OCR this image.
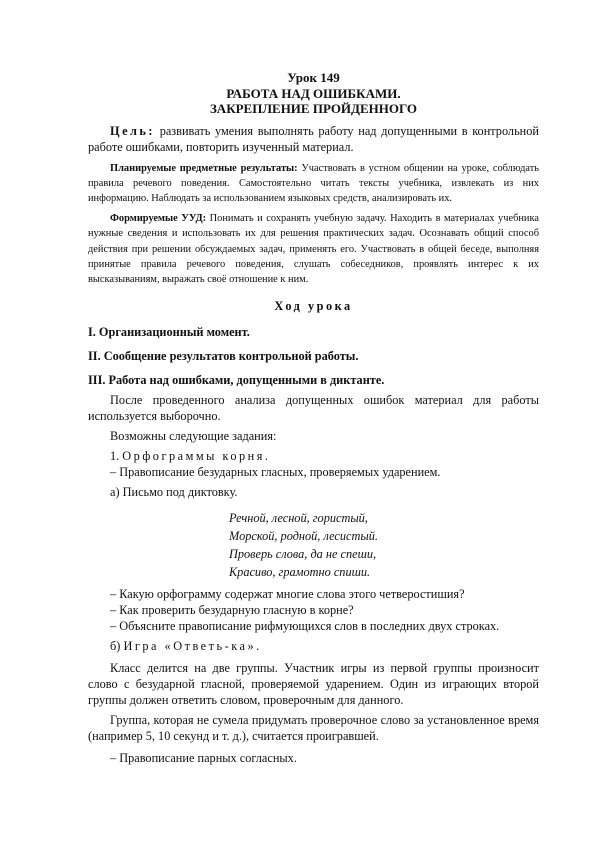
Урок 149
РАБОТА НАД ОШИБКАМИ.
ЗАКРЕПЛЕНИЕ ПРОЙДЕННОГО

Цель: развивать умения выполнять работу над допущенными в контрольной работе ошибками, повторить изученный материал.

Планируемые предметные результаты: Участвовать в устном общении на уроке, соблюдать правила речевого поведения. Самостоятельно читать тексты учебника, извлекать из них информацию. Наблюдать за использованием языковых средств, анализировать их.

Формируемые УУД: Понимать и сохранять учебную задачу. Находить в материалах учебника нужные сведения и использовать их для решения практических задач. Осознавать общий способ действия при решении обсуждаемых задач, применять его. Участвовать в общей беседе, выполняя принятые правила речевого поведения, слушать собеседников, проявлять интерес к их высказываниям, выражать своё отношение к ним.

Ход урока

I. Организационный момент.

II. Сообщение результатов контрольной работы.

III. Работа над ошибками, допущенными в диктанте.

После проведенного анализа допущенных ошибок материал для работы используется выборочно.

Возможны следующие задания:

1. Орфограммы корня.

– Правописание безударных гласных, проверяемых ударением.

а) Письмо под диктовку.

Речной, лесной, гористый,
Морской, родной, лесистый.
Проверь слова, да не спеши,
Красиво, грамотно спиши.

– Какую орфограмму содержат многие слова этого четверостишия?

– Как проверить безударную гласную в корне?

– Объясните правописание рифмующихся слов в последних двух строках.

б) Игра «Ответь-ка».

Класс делится на две группы. Участник игры из первой группы произносит слово с безударной гласной, проверяемой ударением. Один из играющих второй группы должен ответить словом, проверочным для данного.

Группа, которая не сумела придумать проверочное слово за установленное время (например 5, 10 секунд и т. д.), считается проигравшей.

– Правописание парных согласных.
